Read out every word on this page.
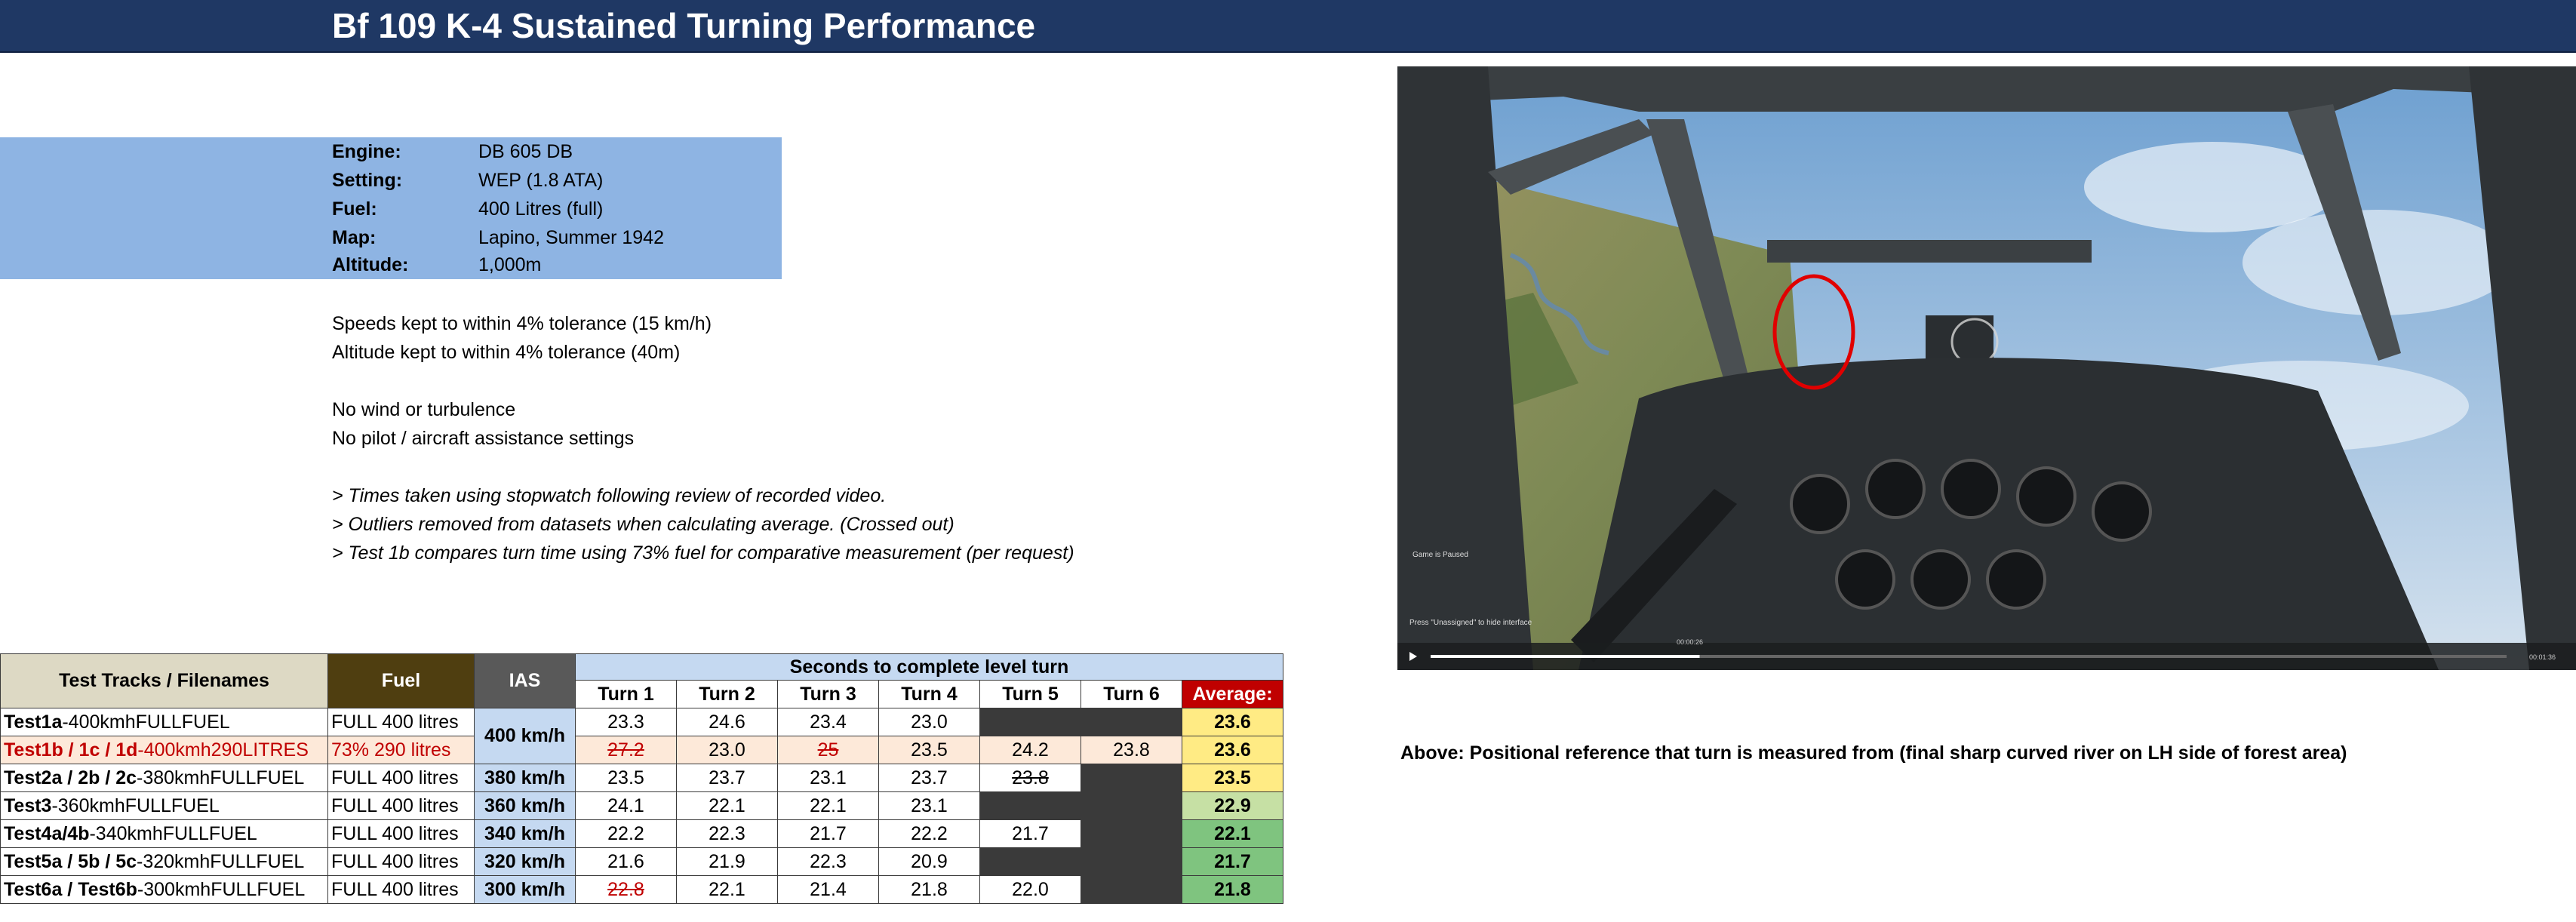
Bf 109 K-4 Sustained Turning Performance
Engine:	DB 605 DB
Setting:	WEP (1.8 ATA)
Fuel:	400 Litres (full)
Map:	Lapino, Summer 1942
Altitude:	1,000m
Speeds kept to within 4% tolerance (15 km/h)
Altitude kept to within 4% tolerance (40m)
No wind or turbulence
No pilot / aircraft assistance settings
> Times taken using stopwatch following review of recorded video.
> Outliers removed from datasets when calculating average. (Crossed out)
> Test 1b compares turn time using 73% fuel for comparative measurement (per request)
Test Tracks / Filenames	Fuel	IAS	Seconds to complete level turn						
			Turn 1	Turn 2	Turn 3	Turn 4	Turn 5	Turn 6	Average:
Test1a-400kmhFULLFUEL	FULL 400 litres	400 km/h	23.3	24.6	23.4	23.0			23.6
Test1b / 1c / 1d-400kmh290LITRES	73% 290 litres		27.2	23.0	25	23.5	24.2	23.8	23.6
Test2a / 2b / 2c-380kmhFULLFUEL	FULL 400 litres	380 km/h	23.5	23.7	23.1	23.7	23.8		23.5
Test3-360kmhFULLFUEL	FULL 400 litres	360 km/h	24.1	22.1	22.1	23.1			22.9
Test4a/4b-340kmhFULLFUEL	FULL 400 litres	340 km/h	22.2	22.3	21.7	22.2	21.7		22.1
Test5a / 5b / 5c-320kmhFULLFUEL	FULL 400 litres	320 km/h	21.6	21.9	22.3	20.9			21.7
Test6a / Test6b-300kmhFULLFUEL	FULL 400 litres	300 km/h	22.8	22.1	21.4	21.8	22.0		21.8
Game is Paused
Press "Unassigned" to hide interface
00:00:26
00:01:36
Above: Positional reference that turn is measured from (final sharp curved river on LH side of forest area)
